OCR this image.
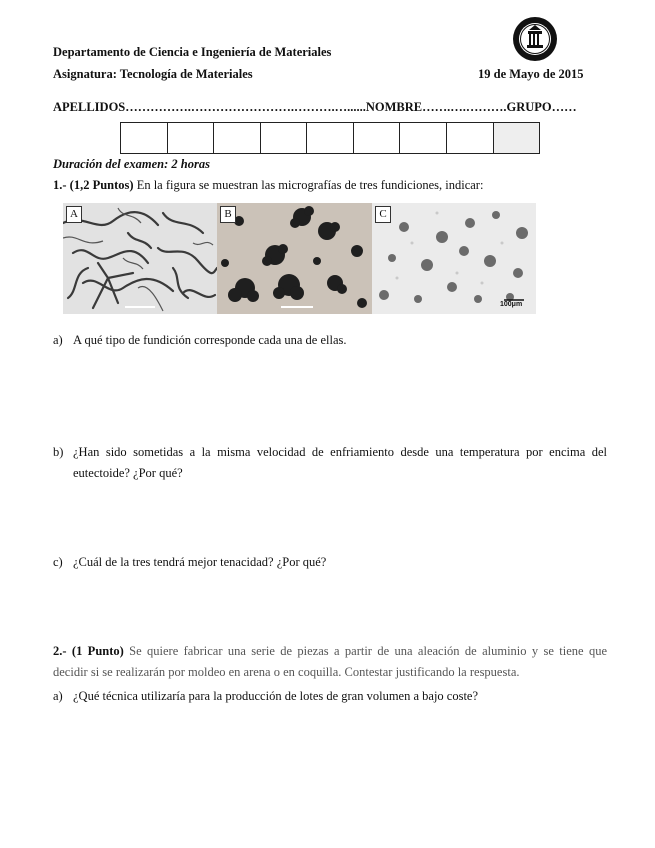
Departamento de Ciencia e Ingeniería de Materiales
Asignatura: Tecnología de Materiales	19 de Mayo de 2015
APELLIDOS…………….…………………….……….…......NOMBRE…….….……….GRUPO……
Duración del examen: 2 horas
1.- (1,2 Puntos) En la figura se muestran las micrografías de tres fundiciones, indicar:
A	B	C
100μm
a) A qué tipo de fundición corresponde cada una de ellas.
b) ¿Han sido sometidas a la misma velocidad de enfriamiento desde una temperatura por encima del
eutectoide? ¿Por qué?
c) ¿Cuál de la tres tendrá mejor tenacidad? ¿Por qué?
2.- (1 Punto) Se quiere fabricar una serie de piezas a partir de una aleación de aluminio y se tiene que
decidir si se realizarán por moldeo en arena o en coquilla. Contestar justificando la respuesta.
a) ¿Qué técnica utilizaría para la producción de lotes de gran volumen a bajo coste?
